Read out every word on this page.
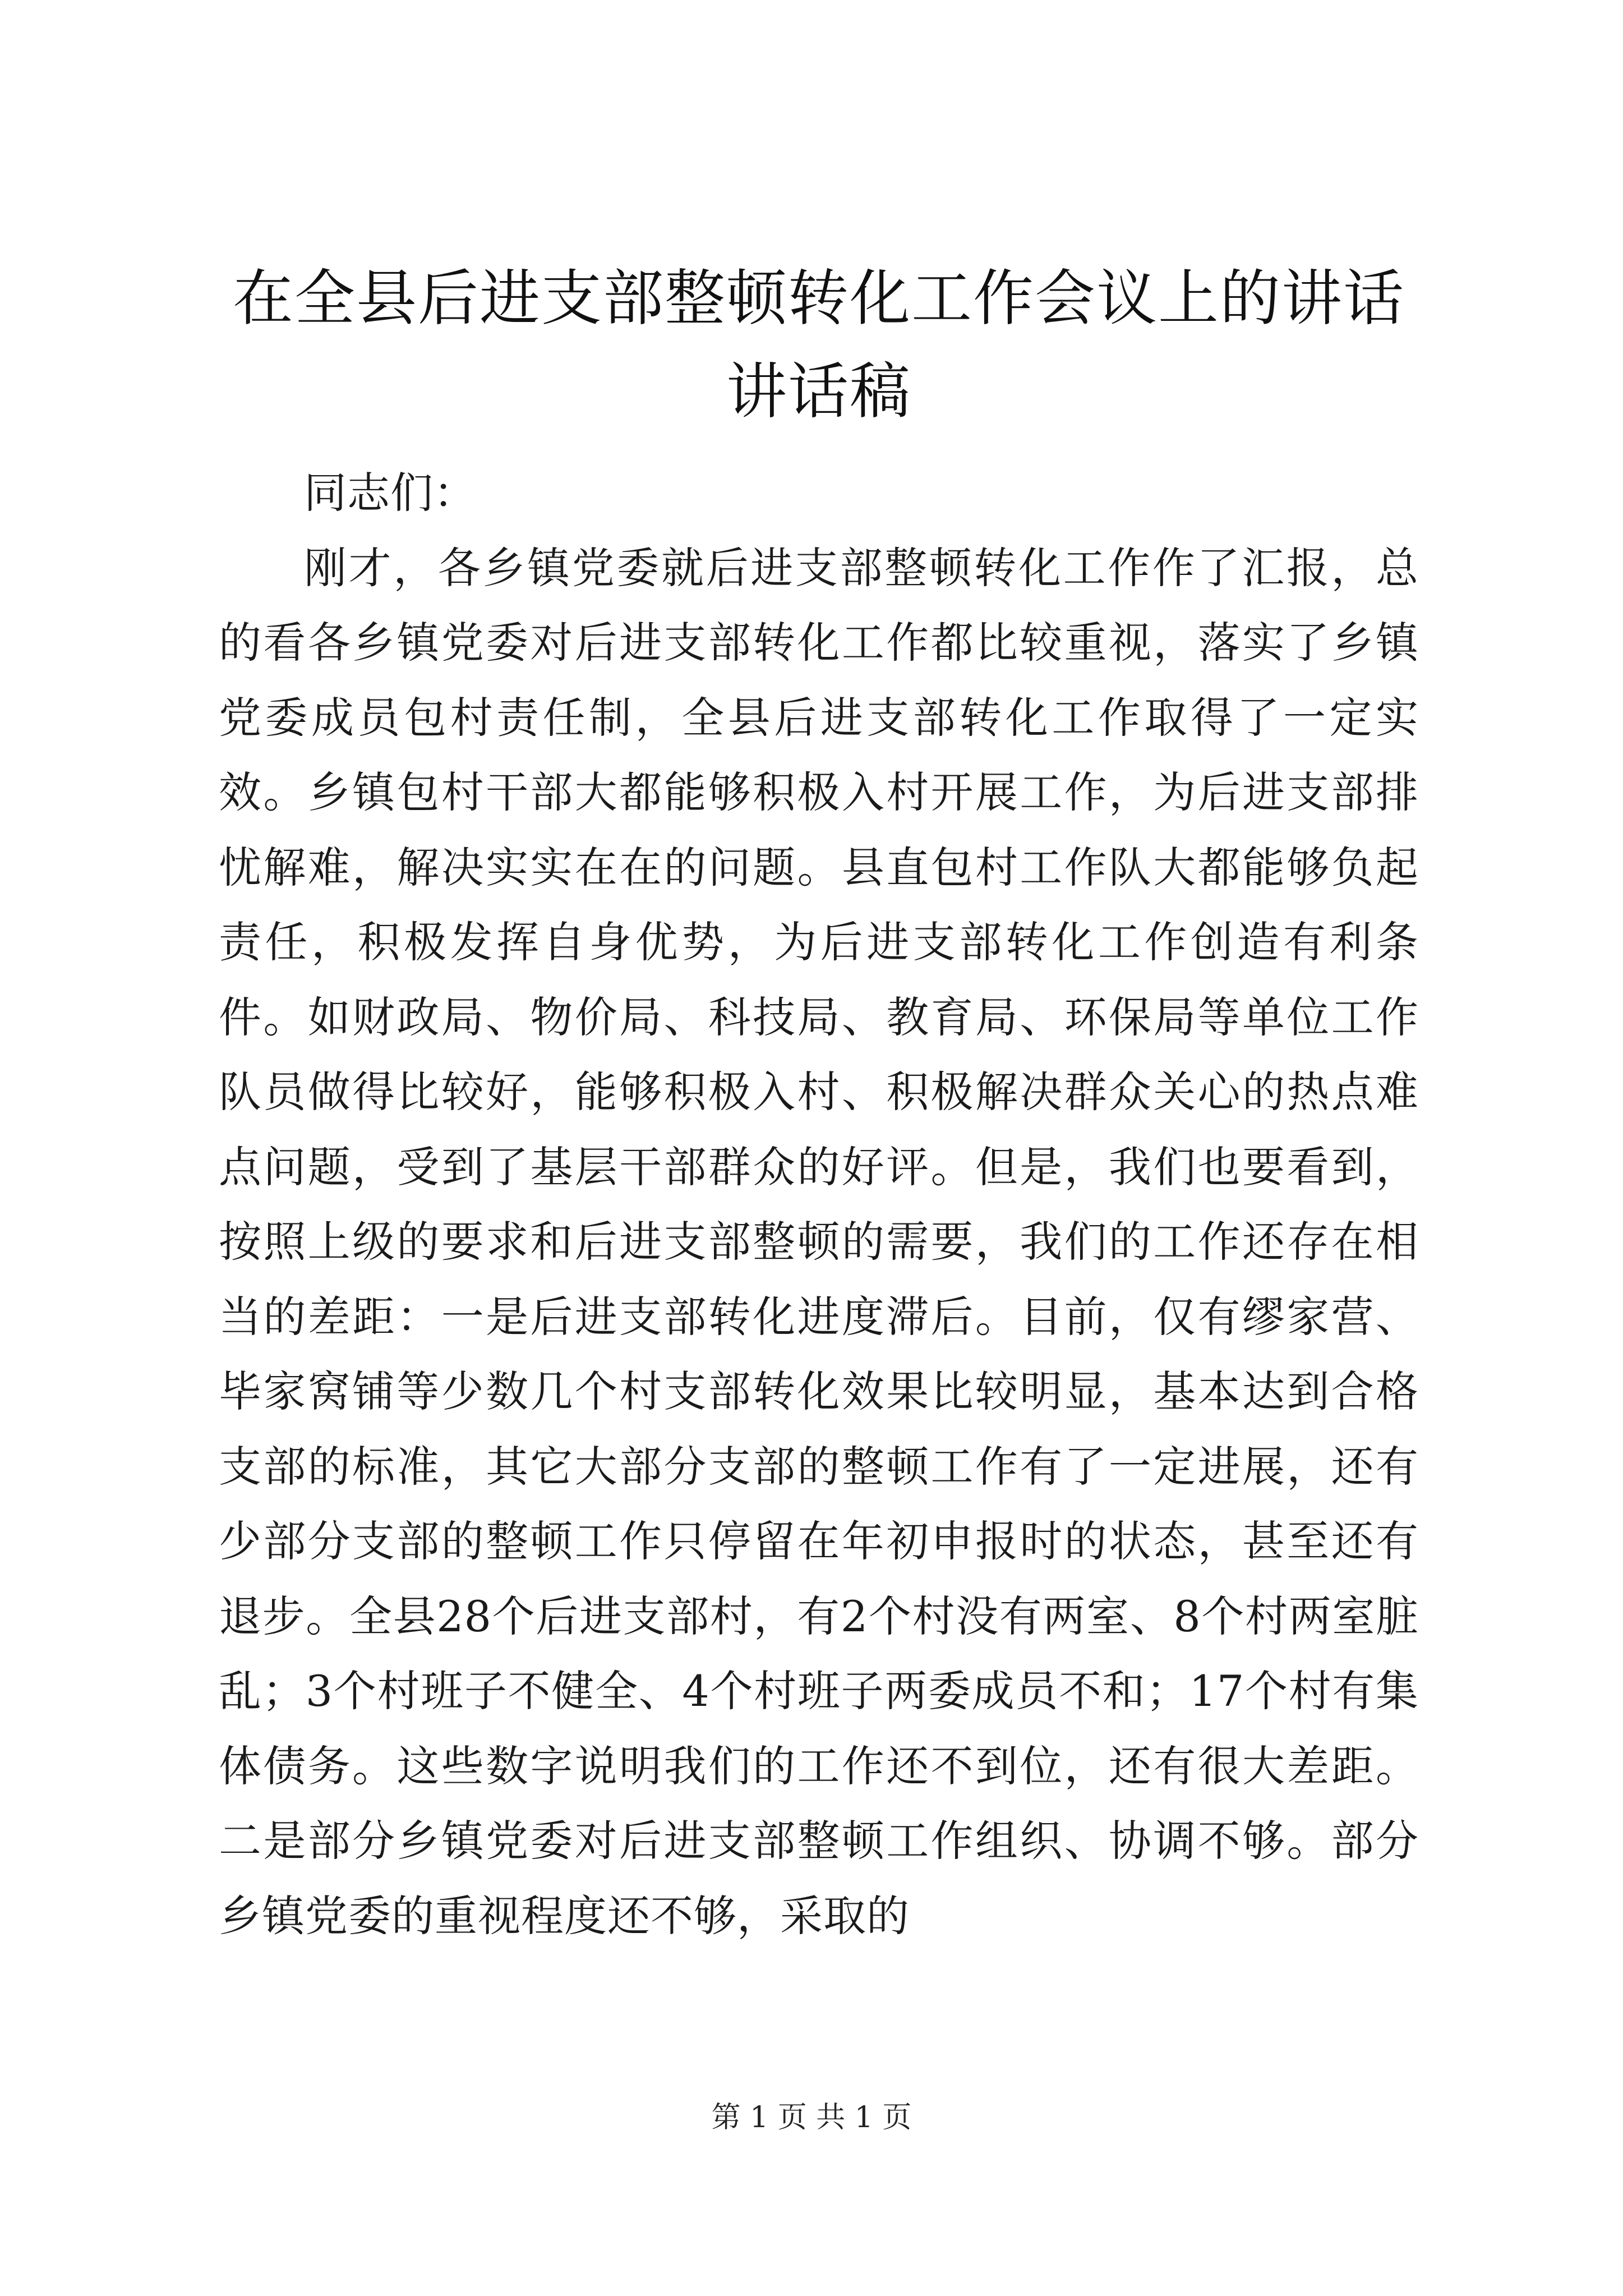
在全县后进支部整顿转化工作会议上的讲话讲话稿

同志们：

刚才，各乡镇党委就后进支部整顿转化工作作了汇报，总的看各乡镇党委对后进支部转化工作都比较重视，落实了乡镇党委成员包村责任制，全县后进支部转化工作取得了一定实效。乡镇包村干部大都能够积极入村开展工作，为后进支部排忧解难，解决实实在在的问题。县直包村工作队大都能够负起责任，积极发挥自身优势，为后进支部转化工作创造有利条件。如财政局、物价局、科技局、教育局、环保局等单位工作队员做得比较好，能够积极入村、积极解决群众关心的热点难点问题，受到了基层干部群众的好评。但是，我们也要看到，按照上级的要求和后进支部整顿的需要，我们的工作还存在相当的差距：一是后进支部转化进度滞后。目前，仅有缪家营、毕家窝铺等少数几个村支部转化效果比较明显，基本达到合格支部的标准，其它大部分支部的整顿工作有了一定进展，还有少部分支部的整顿工作只停留在年初申报时的状态，甚至还有退步。全县28个后进支部村，有2个村没有两室、8个村两室脏乱；3个村班子不健全、4个村班子两委成员不和；17个村有集体债务。这些数字说明我们的工作还不到位，还有很大差距。二是部分乡镇党委对后进支部整顿工作组织、协调不够。部分乡镇党委的重视程度还不够，采取的

第 1 页 共 1 页
